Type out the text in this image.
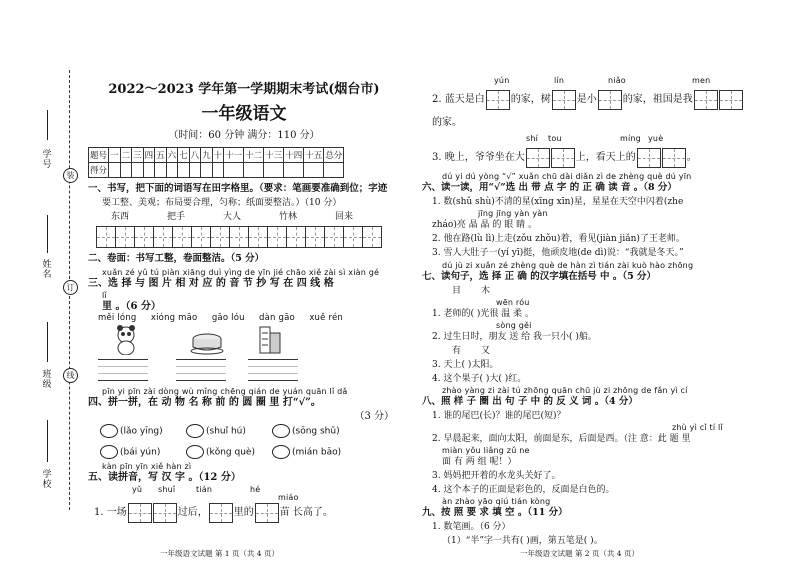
学号
姓名
班级
学校
装
订
线
2022～2023 学年第一学期期末考试(烟台市)
一年级语文
（时间：60 分钟 满分：110 分）
题号	一	二	三	四	五	六	七	八	九	十	十一	十二	十三	十四	十五	总分
得分																
一、书写，把下面的词语写在田字格里。（要求：笔画要准确到位；字迹
要工整、美观；布局要合理，匀称；纸面要整洁。）（10 分）
东西	把手	大人	竹林	回来
二、卷面：书写工整，卷面整洁。（5 分）
xuǎn zé yǔ tú piàn xiāng duì yìng de yīn jié chāo xiě zài sì xiàn gé
三、选 择 与 图 片 相 对 应 的 音 节 抄 写 在 四 线 格
lǐ
里 。（6 分）
měi lóng xióng māo gāo lóu dàn gāo xuě rén
pīn yi pīn zài dòng wù mǐng chēng qián de yuán quān lǐ dǎ
四、拼一拼，在 动 物 名 称 前 的 圆 圈 里 打“√”。
（3 分）
(lǎo yīng)	(shuǐ hú)	(sōng shǔ)
(bái yún)	(kǒng què)	(mián bāo)
kàn pīn yīn xiě hàn zì
五、读拼音，写 汉 字 。（12 分）
yǔ shuǐ	tián	hé
miáo
1. 一场	过后，	里的	苗 长高了。
一年级语文试题 第 1 页（共 4 页）
yún	lín	niǎo	men
2. 蓝天是白	的家，树	是小	的家，祖国是我
的家。
shí tou	míng yuè
3. 晚上，爷爷坐在大	上，看天上的	。
dú yi dú yòng “√” xuǎn chū dài diǎn zì de zhèng què dú yīn
六、读一读，用“√”选 出 带 点 字 的 正 确 读 音 。（8 分）
1. 数(shǔ shù)不清的星(xīng xīn)星，星星在天空中闪着(zhe
jīng jīng yàn yàn
zháo)亮 晶 晶 的 眼 睛 。
2. 他在路(lù lì)上走(zǒu zhǒu)着，看见(jiàn jiǎn)了王老师。
3. 雪人大肚子一(yí yī)挺，他顽皮地(de dì)说：“我就是冬天。”
dú jù zi xuǎn zé zhèng què de hàn zì tián zài kuò hào zhōng
七、读句子，选 择 正 确 的汉字填在括号 中 。（5 分）
目       木
wēn róu
1. 老师的( )光很 温 柔 。
sòng gěi
2. 过生日时，朋友 送 给 我一只小( )船。
有       又
3. 天上( )太阳。
4. 这个果子( )大( )红。
zhào yàng zi zài tú zhōng quān chū jù zi zhōng de fǎn yì cí
八、照 样 子 圈 出 句 子 中 的 反 义 词 。（4 分）
1. 谁的尾巴(长)？谁的尾巴(短)？
zhù yì cǐ tí lǐ
2. 早晨起来，面向太阳，前面是东，后面是西。（注 意：此 题 里
miàn yǒu liǎng zǔ ne
面 有 两 组 呢！）
3. 妈妈把开着的水龙头关好了。
4. 这个本子的正面是彩色的，反面是白色的。
àn zhào yāo qiú tián kòng
九、按 照 要 求 填 空 。（11 分）
1. 数笔画。（6 分）
（1）“半”字一共有( )画，第五笔是( )。
一年级语文试题 第 2 页（共 4 页）
